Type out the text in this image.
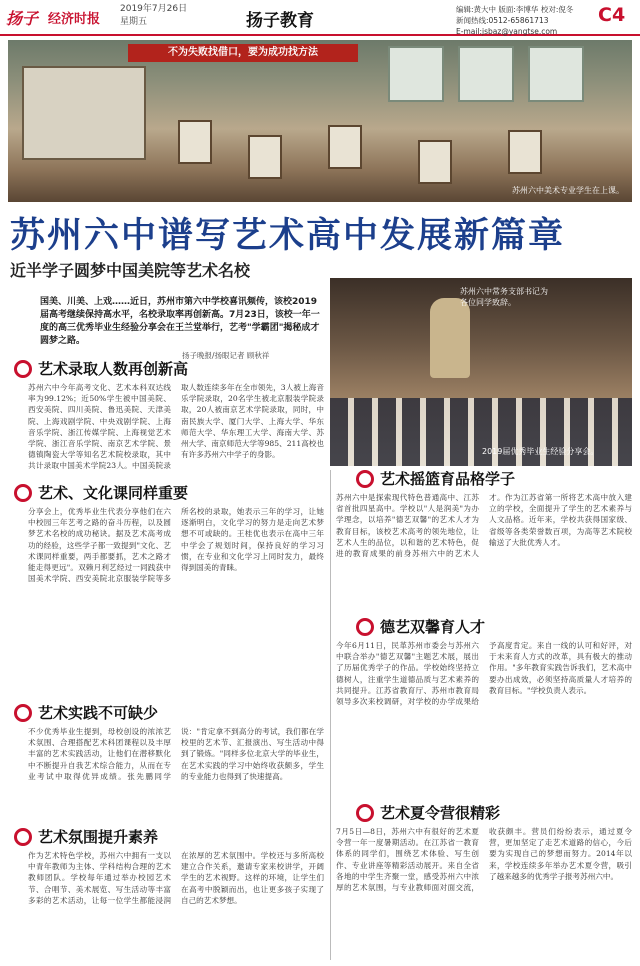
扬子 经济时报
2019年7月26日
星期五	扬子教育
编辑:黄大中 版面:李博华 校对:倪冬
新闻热线:0512-65861713
E-mail:jsbaz@yangtse.com
C4
不为失败找借口，要为成功找方法
苏州六中美术专业学生在上课。
苏州六中谱写艺术高中发展新篇章
近半学子圆梦中国美院等艺术名校
苏州六中常务支部书记为各位同学致辞。
2019届优秀毕业生经验分享会。
国美、川美、上戏……近日，苏州市第六中学校喜讯频传，该校2019届高考继续保持高水平，名校录取率再创新高。7月23日，该校一年一度的高三优秀毕业生经验分享会在王兰堂举行，艺考"学霸团"揭秘成才圆梦之路。
扬子晚报/扬眼记者 顾秋祥
艺术录取人数再创新高
苏州六中今年高考文化、艺术本科双达线率为99.12%；近50%学生被中国美院、西安美院、四川美院、鲁迅美院、天津美院、上海戏剧学院、中央戏剧学院、上海音乐学院、浙江传媒学院、上海视觉艺术学院、浙江音乐学院、南京艺术学院、景德镇陶瓷大学等知名艺术院校录取，其中共计录取中国美术学院23人。中国美院录取人数连续多年在全市领先，3人被上海音乐学院录取，20名学生被北京服装学院录取，20人被南京艺术学院录取，同时，中南民族大学、厦门大学、上海大学、华东师范大学、华东理工大学、海南大学、苏州大学、南京师范大学等985、211高校也有许多苏州六中学子的身影。
艺术、文化课同样重要
分享会上，优秀毕业生代表分享他们在六中校园三年艺考之路的奋斗历程，以及圆梦艺术名校的成功秘诀。据及艺术高考成功的经验，这些学子都一致提到"文化、艺术课同样重要，两手都要抓，艺术之路才能走得更远"。双赖月利艺经过一同践获中国美术学院、西安美院北京服装学院等多所名校的录取，她表示三年的学习，让她逐渐明白，文化学习的努力是走向艺术梦想不可或缺的。王桂优也表示在高中三年中学会了规划时间，保持良好的学习习惯，在专业和文化学习上同时发力，最终得到国美的青睐。
艺术实践不可缺少
不少优秀毕业生提到，母校创设的浓浓艺术氛围、合理搭配艺术科团课程以及丰厚丰富的艺术实践活动，让他们在潜移默化中不断提升自我艺术综合能力，从而在专业考试中取得优异成绩。张先鹏同学说："肯定拿不到高分的考试，我们都在学校里的艺术节、汇报演出、写生活动中得到了锻炼。"同样多位北京大学的毕业生，在艺术实践的学习中始终收获颇多，学生的专业能力也得到了快速提高。
艺术氛围提升素养
作为艺术特色学校，苏州六中拥有一支以中青年教师为主体、学科结构合理的艺术教师团队。学校每年通过举办校园艺术节、合唱节、美术展览、写生活动等丰富多彩的艺术活动，让每一位学生都能浸润在浓厚的艺术氛围中。学校还与多所高校建立合作关系，邀请专家来校讲学，开阔学生的艺术视野。这样的环境，让学生们在高考中脱颖而出，也让更多孩子实现了自己的艺术梦想。
艺术摇篮育品格学子
苏州六中是探索现代特色普通高中、江苏省首批四星高中。学校以"人是润美"为办学理念，以培养"德艺双馨"的艺术人才为教育目标，该校艺术高考的领先地位，让艺术人生的品位，以和谐的艺术特色，促进的教育成果的前身苏州六中的艺术人才。作为江苏省第一所将艺术高中放入建立的学校，全面提升了学生的艺术素养与人文品格。近年来，学校共获得国家级、省级等各类荣誉数百项，为高等艺术院校输送了大批优秀人才。
德艺双馨育人才
今年6月11日，民革苏州市委会与苏州六中联合举办"德艺双馨"主题艺术展，展出了历届优秀学子的作品。学校始终坚持立德树人，注重学生道德品质与艺术素养的共同提升。江苏省教育厅、苏州市教育局领导多次来校调研，对学校的办学成果给予高度肯定。来自一线的认可和好评，对于未来育人方式的改革，具有极大的推动作用。"多年教育实践告诉我们，艺术高中要办出成效，必须坚持高质量人才培养的教育目标。"学校负责人表示。
艺术夏令营很精彩
7月5日—8日，苏州六中有很好的艺术夏令营一年一度暑期活动。在江苏省一教育体系的同学们，围绕艺术体验、写生创作、专业讲座等精彩活动展开。来自全省各地的中学生齐聚一堂，感受苏州六中浓厚的艺术氛围，与专业教师面对面交流，收获颇丰。营员们纷纷表示，通过夏令营，更加坚定了走艺术道路的信心，今后要为实现自己的梦想而努力。2014年以来，学校连续多年举办艺术夏令营，吸引了越来越多的优秀学子报考苏州六中。
